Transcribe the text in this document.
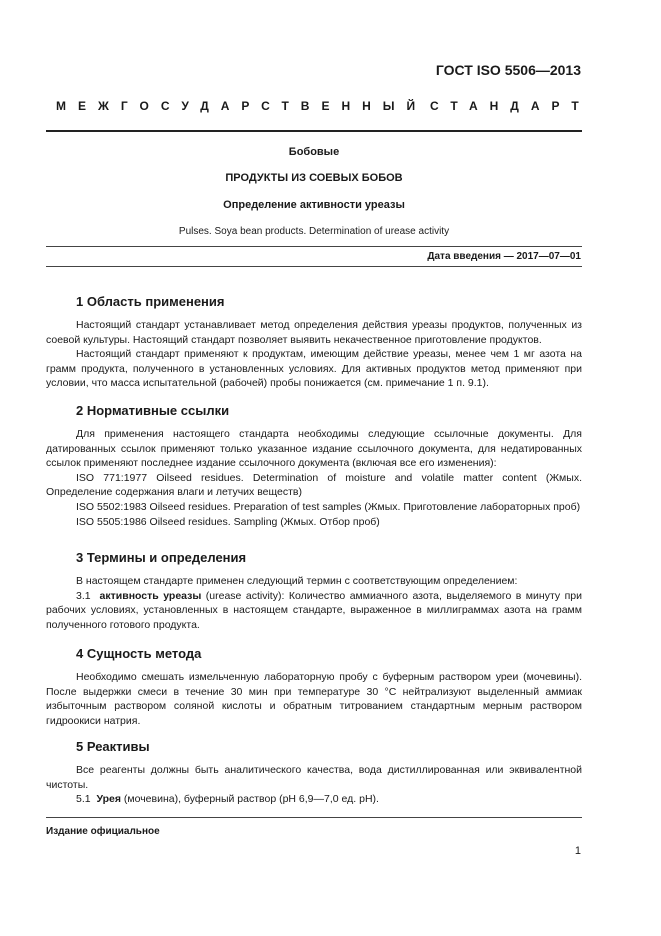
ГОСТ ISO 5506—2013
МЕЖГОСУДАРСТВЕННЫЙ СТАНДАРТ
Бобовые
ПРОДУКТЫ ИЗ СОЕВЫХ БОБОВ
Определение активности уреазы
Pulses. Soya bean products. Determination of urease activity
Дата введения — 2017—07—01
1 Область применения
Настоящий стандарт устанавливает метод определения действия уреазы продуктов, полученных из соевой культуры. Настоящий стандарт позволяет выявить некачественное приготовление продуктов.
Настоящий стандарт применяют к продуктам, имеющим действие уреазы, менее чем 1 мг азота на грамм продукта, полученного в установленных условиях. Для активных продуктов метод применяют при условии, что масса испытательной (рабочей) пробы понижается (см. примечание 1 п. 9.1).
2 Нормативные ссылки
Для применения настоящего стандарта необходимы следующие ссылочные документы. Для датированных ссылок применяют только указанное издание ссылочного документа, для недатированных ссылок применяют последнее издание ссылочного документа (включая все его изменения):
ISO 771:1977 Oilseed residues. Determination of moisture and volatile matter content (Жмых. Определение содержания влаги и летучих веществ)
ISO 5502:1983 Oilseed residues. Preparation of test samples (Жмых. Приготовление лабораторных проб)
ISO 5505:1986 Oilseed residues. Sampling (Жмых. Отбор проб)
3 Термины и определения
В настоящем стандарте применен следующий термин с соответствующим определением:
3.1 активность уреазы (urease activity): Количество аммиачного азота, выделяемого в минуту при рабочих условиях, установленных в настоящем стандарте, выраженное в миллиграммах азота на грамм полученного готового продукта.
4 Сущность метода
Необходимо смешать измельченную лабораторную пробу с буферным раствором уреи (мочевины). После выдержки смеси в течение 30 мин при температуре 30 °С нейтрализуют выделенный аммиак избыточным раствором соляной кислоты и обратным титрованием стандартным мерным раствором гидроокиси натрия.
5 Реактивы
Все реагенты должны быть аналитического качества, вода дистиллированная или эквивалентной чистоты.
5.1 Урея (мочевина), буферный раствор (pH 6,9—7,0 ед. pH).
Издание официальное
1
